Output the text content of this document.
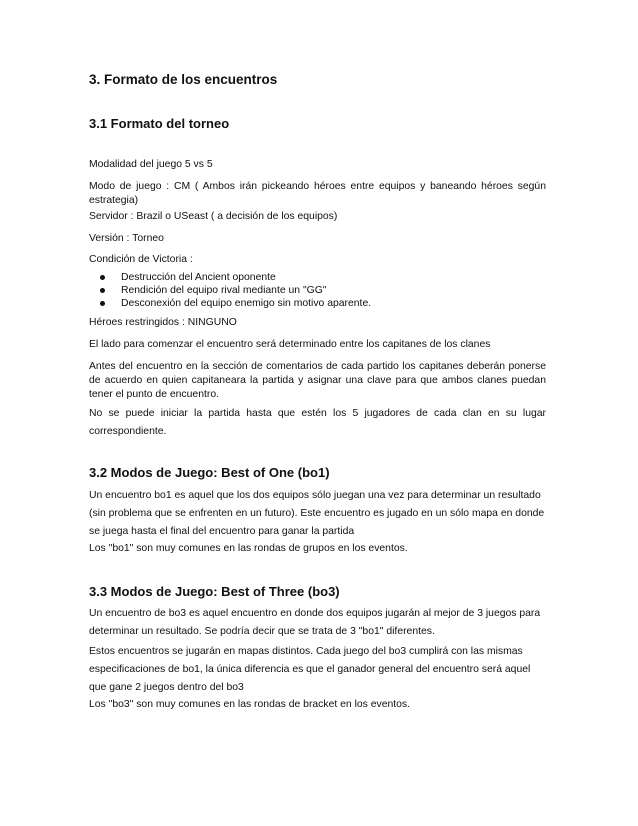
3. Formato de los encuentros
3.1 Formato del torneo

Modalidad del juego 5 vs 5

Modo de juego : CM ( Ambos irán pickeando héroes entre equipos y baneando héroes según estrategia)

Servidor : Brazil o USeast ( a decisión de los equipos)

Versión : Torneo

Condición de Victoria :

Destrucción del Ancient oponente
Rendición del equipo rival mediante un "GG"
Desconexión del equipo enemigo sin motivo aparente.

Héroes restringidos : NINGUNO

El lado para comenzar el encuentro será determinado entre los capitanes de los clanes

Antes del encuentro en la sección de comentarios de cada partido los capitanes deberán ponerse de acuerdo en quien capitaneara la partida y asignar una clave para que ambos clanes puedan tener el punto de encuentro.

No se puede iniciar la partida hasta que estén los 5 jugadores de cada clan en su lugar correspondiente.

3.2 Modos de Juego: Best of One (bo1)

Un encuentro bo1 es aquel que los dos equipos sólo juegan una vez para determinar un resultado (sin problema que se enfrenten en un futuro). Este encuentro es jugado en un sólo mapa en donde se juega hasta el final del encuentro para ganar la partida

Los "bo1" son muy comunes en las rondas de grupos en los eventos.

3.3 Modos de Juego: Best of Three (bo3)

Un encuentro de bo3 es aquel encuentro en donde dos equipos jugarán al mejor de 3 juegos para determinar un resultado. Se podría decir que se trata de 3 "bo1" diferentes.

Estos encuentros se jugarán en mapas distintos. Cada juego del bo3 cumplirá con las mismas especificaciones de bo1, la única diferencia es que el ganador general del encuentro será aquel que gane 2 juegos dentro del bo3

Los "bo3" son muy comunes en las rondas de bracket en los eventos.
